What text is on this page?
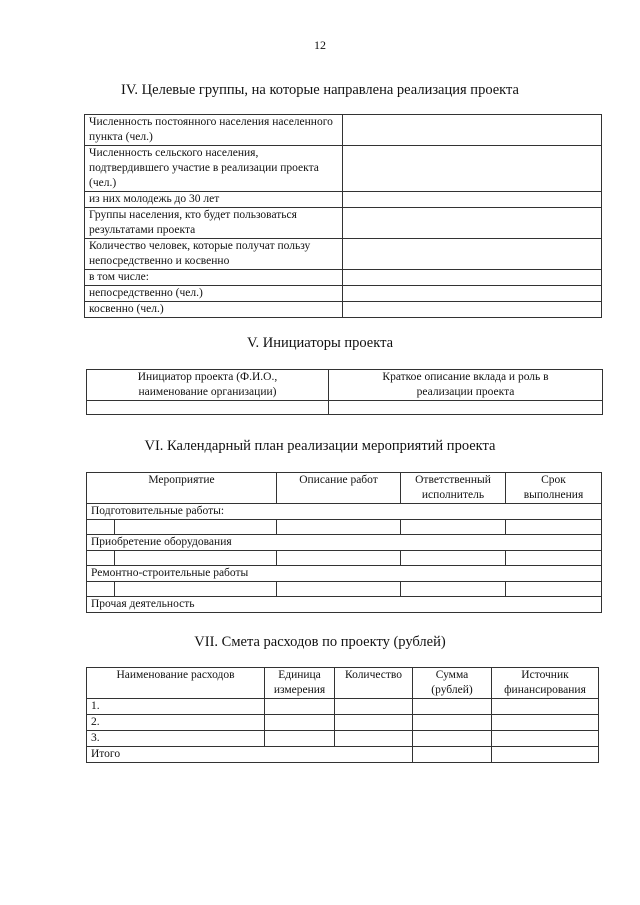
12
IV. Целевые группы, на которые направлена реализация проекта
Численность постоянного населения населенного пункта (чел.)	
Численность сельского населения, подтвердившего участие в реализации проекта (чел.)	
из них молодежь до 30 лет	
Группы населения, кто будет пользоваться результатами проекта	
Количество человек, которые получат пользу непосредственно и косвенно	
в том числе:	
непосредственно (чел.)	
косвенно (чел.)	
V. Инициаторы проекта
Инициатор проекта (Ф.И.О., наименование организации)	Краткое описание вклада и роль в реализации проекта

VI. Календарный план реализации мероприятий проекта
Мероприятие		Описание работ	Ответственный исполнитель	Срок выполнения
Подготовительные работы:				

Приобретение оборудования				

Ремонтно-строительные работы				

Прочая деятельность				
VII. Смета расходов по проекту (рублей)
Наименование расходов	Единица измерения	Количество	Сумма (рублей)	Источник финансирования
1.				
2.				
3.				
Итого				
